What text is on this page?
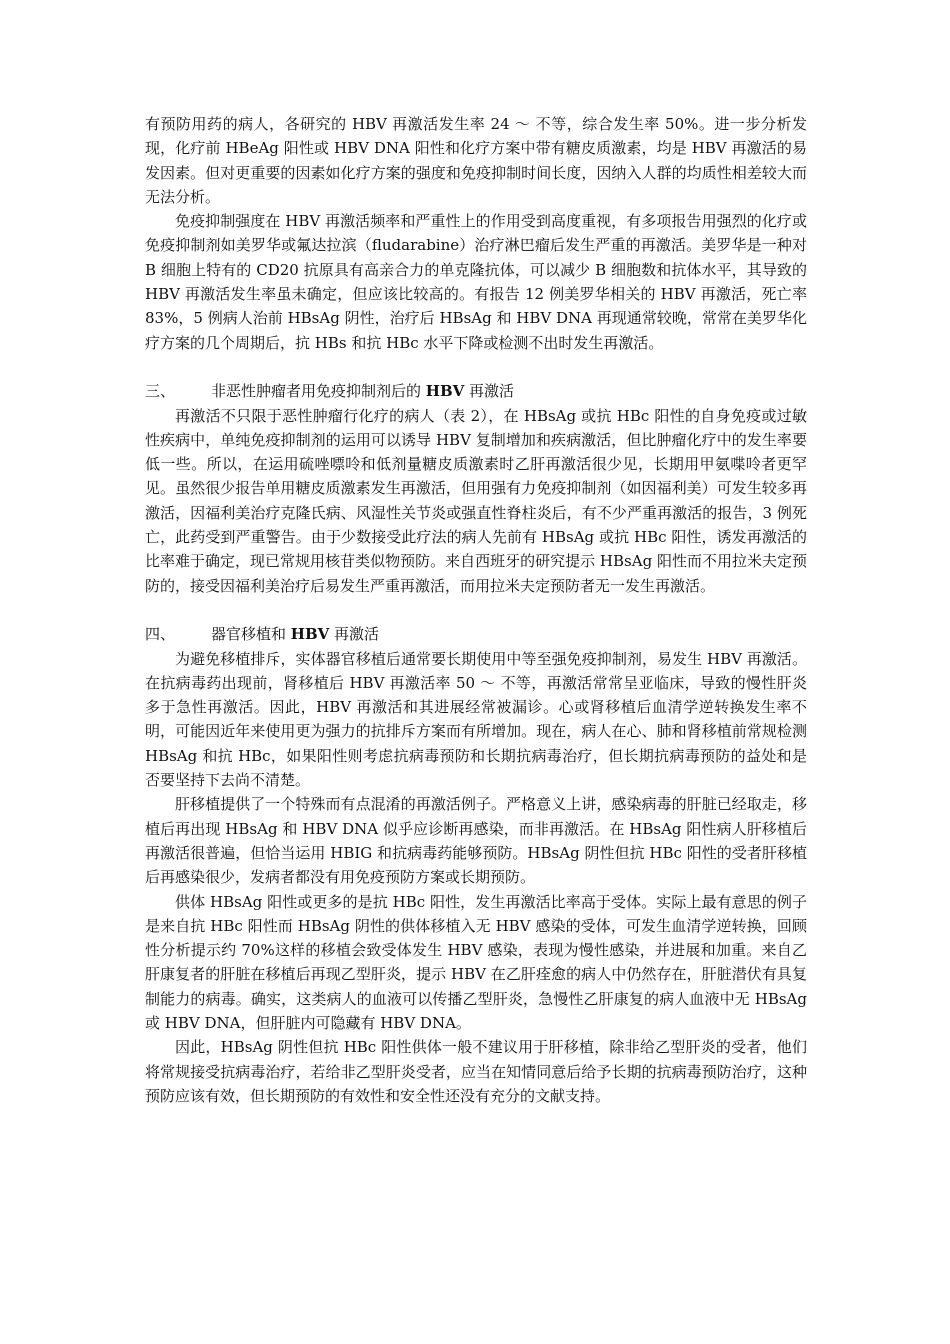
有预防用药的病人，各研究的 HBV 再激活发生率 24 ～ 不等，综合发生率 50%。进一步分析发现，化疗前 HBeAg 阳性或 HBV DNA 阳性和化疗方案中带有糖皮质激素，均是 HBV 再激活的易发因素。但对更重要的因素如化疗方案的强度和免疫抑制时间长度，因纳入人群的均质性相差较大而无法分析。

免疫抑制强度在 HBV 再激活频率和严重性上的作用受到高度重视，有多项报告用强烈的化疗或免疫抑制剂如美罗华或氟达拉滨（fludarabine）治疗淋巴瘤后发生严重的再激活。美罗华是一种对 B 细胞上特有的 CD20 抗原具有高亲合力的单克隆抗体，可以减少 B 细胞数和抗体水平，其导致的 HBV 再激活发生率虽未确定，但应该比较高的。有报告 12 例美罗华相关的 HBV 再激活，死亡率 83%，5 例病人治前 HBsAg 阴性，治疗后 HBsAg 和 HBV DNA 再现通常较晚，常常在美罗华化疗方案的几个周期后，抗 HBs 和抗 HBc 水平下降或检测不出时发生再激活。

三、	非恶性肿瘤者用免疫抑制剂后的 HBV 再激活

再激活不只限于恶性肿瘤行化疗的病人（表 2），在 HBsAg 或抗 HBc 阳性的自身免疫或过敏性疾病中，单纯免疫抑制剂的运用可以诱导 HBV 复制增加和疾病激活，但比肿瘤化疗中的发生率要低一些。所以，在运用硫唑嘌呤和低剂量糖皮质激素时乙肝再激活很少见，长期用甲氨喋呤者更罕见。虽然很少报告单用糖皮质激素发生再激活，但用强有力免疫抑制剂（如因福利美）可发生较多再激活，因福利美治疗克隆氏病、风湿性关节炎或强直性脊柱炎后，有不少严重再激活的报告，3 例死亡，此药受到严重警告。由于少数接受此疗法的病人先前有 HBsAg 或抗 HBc 阳性，诱发再激活的比率难于确定，现已常规用核苷类似物预防。来自西班牙的研究提示 HBsAg 阳性而不用拉米夫定预防的，接受因福利美治疗后易发生严重再激活，而用拉米夫定预防者无一发生再激活。

四、	器官移植和 HBV 再激活

为避免移植排斥，实体器官移植后通常要长期使用中等至强免疫抑制剂，易发生 HBV 再激活。在抗病毒药出现前，肾移植后 HBV 再激活率 50 ～ 不等，再激活常常呈亚临床，导致的慢性肝炎多于急性再激活。因此，HBV 再激活和其进展经常被漏诊。心或肾移植后血清学逆转换发生率不明，可能因近年来使用更为强力的抗排斥方案而有所增加。现在，病人在心、肺和肾移植前常规检测 HBsAg 和抗 HBc，如果阳性则考虑抗病毒预防和长期抗病毒治疗，但长期抗病毒预防的益处和是否要坚持下去尚不清楚。

肝移植提供了一个特殊而有点混淆的再激活例子。严格意义上讲，感染病毒的肝脏已经取走，移植后再出现 HBsAg 和 HBV DNA 似乎应诊断再感染，而非再激活。在 HBsAg 阳性病人肝移植后再激活很普遍，但恰当运用 HBIG 和抗病毒药能够预防。HBsAg 阴性但抗 HBc 阳性的受者肝移植后再感染很少，发病者都没有用免疫预防方案或长期预防。

供体 HBsAg 阳性或更多的是抗 HBc 阳性，发生再激活比率高于受体。实际上最有意思的例子是来自抗 HBc 阳性而 HBsAg 阴性的供体移植入无 HBV 感染的受体，可发生血清学逆转换，回顾性分析提示约 70%这样的移植会致受体发生 HBV 感染，表现为慢性感染，并进展和加重。来自乙肝康复者的肝脏在移植后再现乙型肝炎，提示 HBV 在乙肝痊愈的病人中仍然存在，肝脏潜伏有具复制能力的病毒。确实，这类病人的血液可以传播乙型肝炎，急慢性乙肝康复的病人血液中无 HBsAg 或 HBV DNA，但肝脏内可隐藏有 HBV DNA。

因此，HBsAg 阴性但抗 HBc 阳性供体一般不建议用于肝移植，除非给乙型肝炎的受者，他们将常规接受抗病毒治疗，若给非乙型肝炎受者，应当在知情同意后给予长期的抗病毒预防治疗，这种预防应该有效，但长期预防的有效性和安全性还没有充分的文献支持。
